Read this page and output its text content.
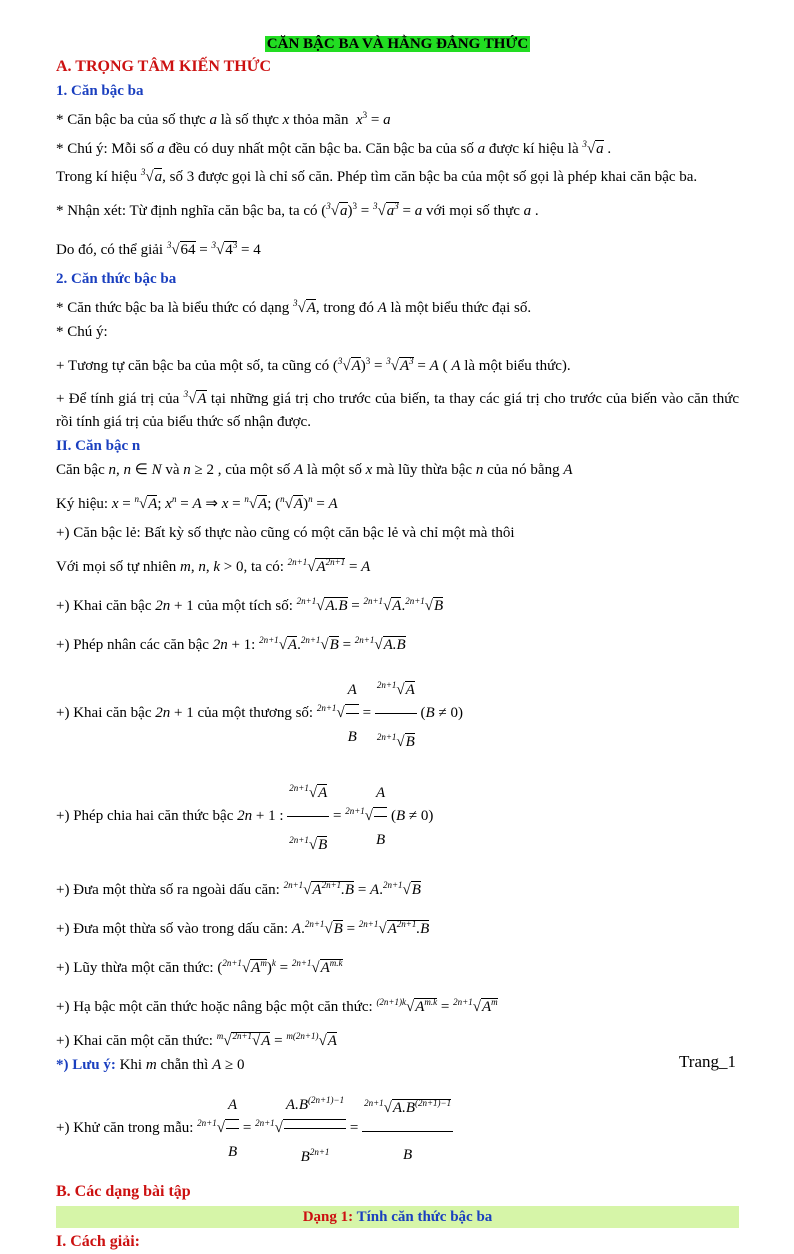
CĂN BẬC BA VÀ HẰNG ĐẲNG THỨC

A. TRỌNG TÂM KIẾN THỨC

1. Căn bậc ba

* Căn bậc ba của số thực a là số thực x thỏa mãn $x^3 = a$

* Chú ý: Mỗi số a đều có duy nhất một căn bậc ba. Căn bậc ba của số a được kí hiệu là $^3$√a .

Trong kí hiệu $^3$√a, số 3 được gọi là chỉ số căn. Phép tìm căn bậc ba của một số gọi là phép khai căn bậc ba.

* Nhận xét: Từ định nghĩa căn bậc ba, ta có $(^3√a)^3 = ^3√a^3 = a$ với mọi số thực a .

Do đó, có thể giải $^3√64 = ^3√4^3 = 4$

2. Căn thức bậc ba

* Căn thức bậc ba là biểu thức có dạng $^3$√A, trong đó A là một biểu thức đại số.

* Chú ý:

+ Tương tự căn bậc ba của một số, ta cũng có $(^3√A)^3 = ^3√A^3 = A$ ( A là một biểu thức).

+ Để tính giá trị của $^3$√A tại những giá trị cho trước của biến, ta thay các giá trị cho trước của biến vào căn thức rồi tính giá trị của biểu thức số nhận được.

II. Căn bậc n

Căn bậc n, n ∈ N và n ≥ 2 , của một số A là một số x mà lũy thừa bậc n của nó bằng A

Ký hiệu: x = $^n$√A; $x^n = A$ ⇒ x = $^n$√A; $(^n√A)^n = A$

+) Căn bậc lẻ: Bất kỳ số thực nào cũng có một căn bậc lẻ và chỉ một mà thôi

Với mọi số tự nhiên m, n, k > 0, ta có: $^{2n+1}√A^{2n+1} = A$

+) Khai căn bậc 2n + 1 của một tích số: $^{2n+1}$√A.B = $^{2n+1}$√A.$^{2n+1}$√B

+) Phép nhân các căn bậc 2n + 1: $^{2n+1}$√A.$^{2n+1}$√B = $^{2n+1}$√A.B

+) Khai căn bậc 2n + 1 của một thương số: $^{2n+1}√ \frac{A}{B} = \frac{^{2n+1}√A}{^{2n+1}√B} (B \ne 0)$

+) Phép chia hai căn thức bậc 2n + 1 : $\frac{^{2n+1}√A}{^{2n+1}√B} = ^{2n+1}√ \frac{A}{B} (B \ne 0)$

+) Đưa một thừa số ra ngoài dấu căn: $^{2n+1}√A^{2n+1}.B = A.^{2n+1}√B$

+) Đưa một thừa số vào trong dấu căn: $A.^{2n+1}√B = ^{2n+1}√A^{2n+1}.B$

+) Lũy thừa một căn thức: $(^{2n+1}√A^m)^k = ^{2n+1}√A^{m.k}$

+) Hạ bậc một căn thức hoặc nâng bậc một căn thức: $^{(2n+1)k}√A^{m.k} = ^{2n+1}√A^m$

+) Khai căn một căn thức: $^m$√$^{2n+1}$√A = $^{m(2n+1)}$√A

*) Lưu ý: Khi m chẵn thì A ≥ 0

+) Khử căn trong mẫu: $^{2n+1}√ \frac{A}{B} = ^{2n+1}√ \frac{A.B^{(2n+1)-1}}{B^{2n+1}} = \frac{^{2n+1}√A.B^{(2n+1)-1}}{B}$

B. Các dạng bài tập

Dạng 1: Tính căn thức bậc ba

I. Cách giải:

Trang_1
